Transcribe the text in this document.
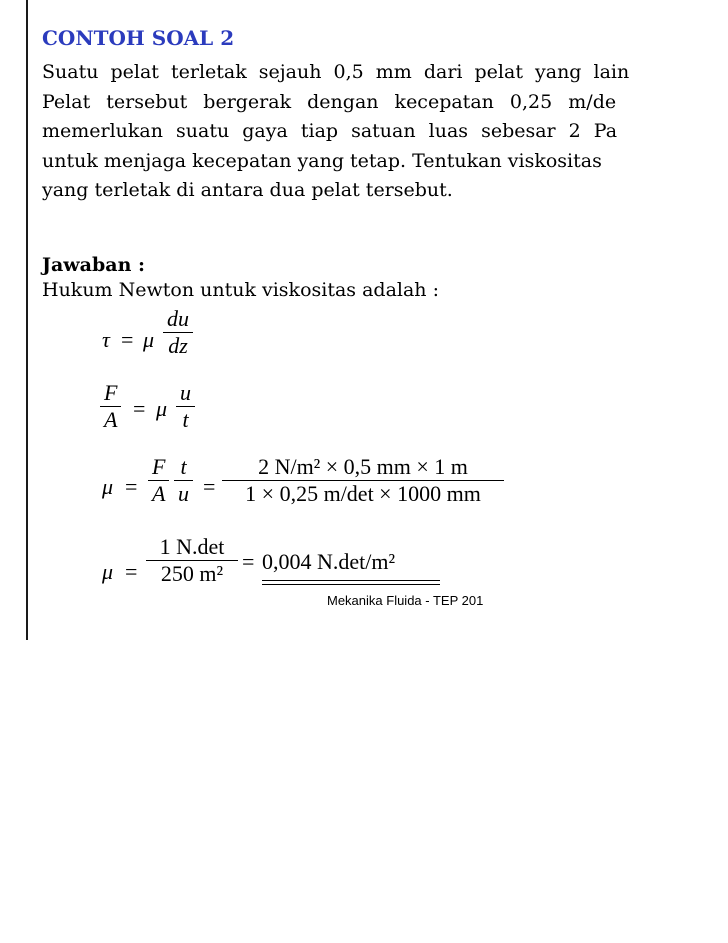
CONTOH SOAL 2
Suatu pelat terletak sejauh 0,5 mm dari pelat yang lain
Pelat tersebut bergerak dengan kecepatan 0,25 m/de
memerlukan suatu gaya tiap satuan luas sebesar 2 Pa
untuk menjaga kecepatan yang tetap. Tentukan viskositas
yang terletak di antara dua pelat tersebut.
Jawaban :
Hukum Newton untuk viskositas adalah :
τ = μ
du
dz
F
A = μ
u
t
μ =
F
A
t
u =
2 N/m² × 0,5 mm × 1 m
1 × 0,25 m/det × 1000 mm
μ =
1 N.det
250 m² = 0,004 N.det/m²
Mekanika Fluida - TEP 201
